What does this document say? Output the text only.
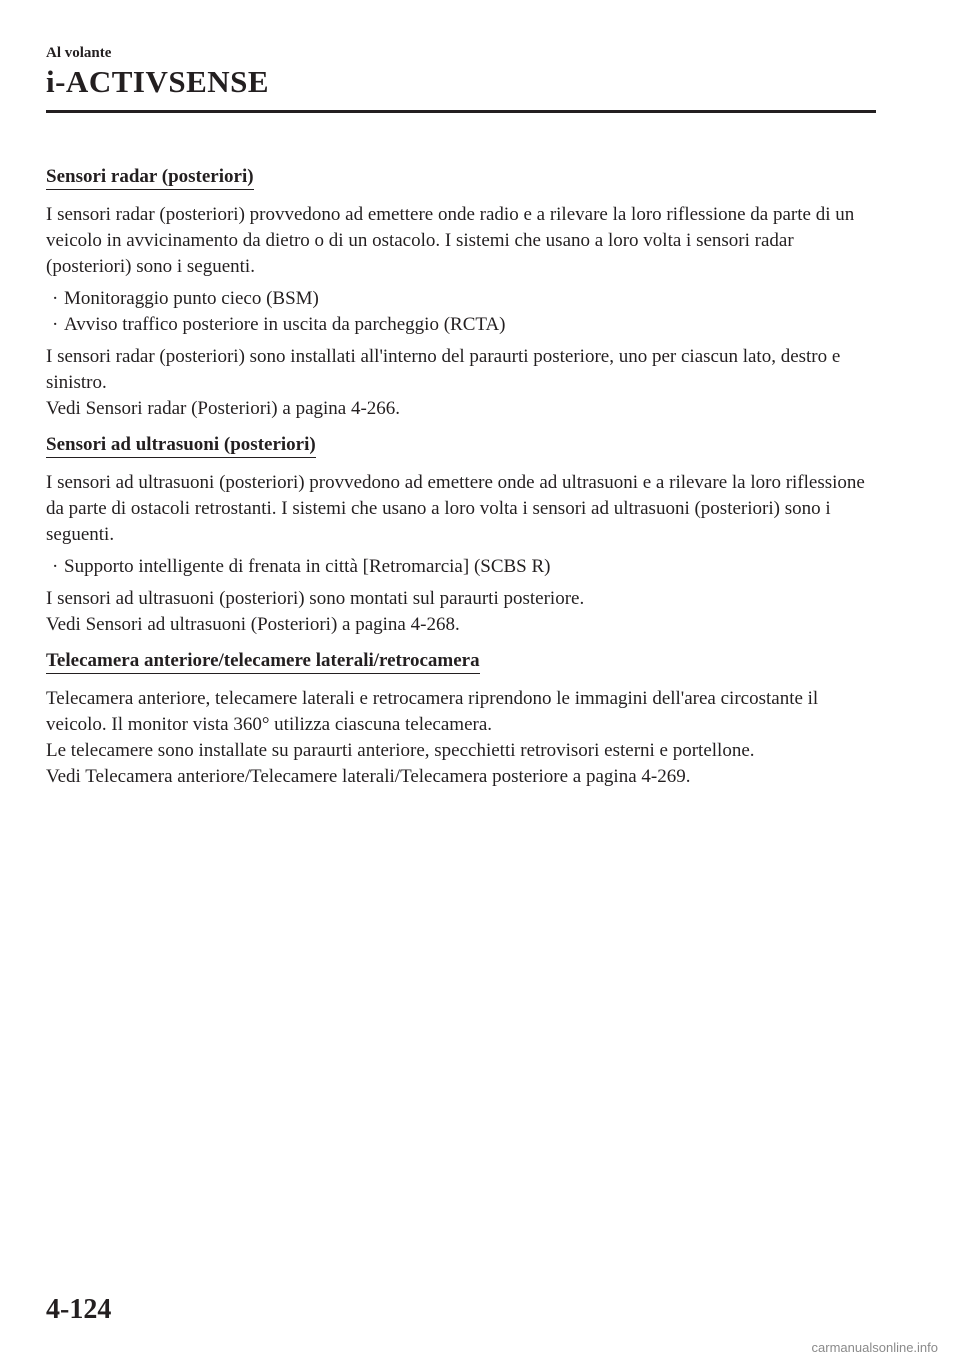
Al volante
i-ACTIVSENSE
Sensori radar (posteriori)

I sensori radar (posteriori) provvedono ad emettere onde radio e a rilevare la loro riflessione da parte di un veicolo in avvicinamento da dietro o di un ostacolo. I sistemi che usano a loro volta i sensori radar (posteriori) sono i seguenti.

· Monitoraggio punto cieco (BSM)
· Avviso traffico posteriore in uscita da parcheggio (RCTA)

I sensori radar (posteriori) sono installati all'interno del paraurti posteriore, uno per ciascun lato, destro e sinistro.

Vedi Sensori radar (Posteriori) a pagina 4-266.

Sensori ad ultrasuoni (posteriori)

I sensori ad ultrasuoni (posteriori) provvedono ad emettere onde ad ultrasuoni e a rilevare la loro riflessione da parte di ostacoli retrostanti. I sistemi che usano a loro volta i sensori ad ultrasuoni (posteriori) sono i seguenti.

· Supporto intelligente di frenata in città [Retromarcia] (SCBS R)

I sensori ad ultrasuoni (posteriori) sono montati sul paraurti posteriore.

Vedi Sensori ad ultrasuoni (Posteriori) a pagina 4-268.

Telecamera anteriore/telecamere laterali/retrocamera

Telecamera anteriore, telecamere laterali e retrocamera riprendono le immagini dell'area circostante il veicolo. Il monitor vista 360° utilizza ciascuna telecamera.

Le telecamere sono installate su paraurti anteriore, specchietti retrovisori esterni e portellone.

Vedi Telecamera anteriore/Telecamere laterali/Telecamera posteriore a pagina 4-269.

4-124
carmanualsonline.info
